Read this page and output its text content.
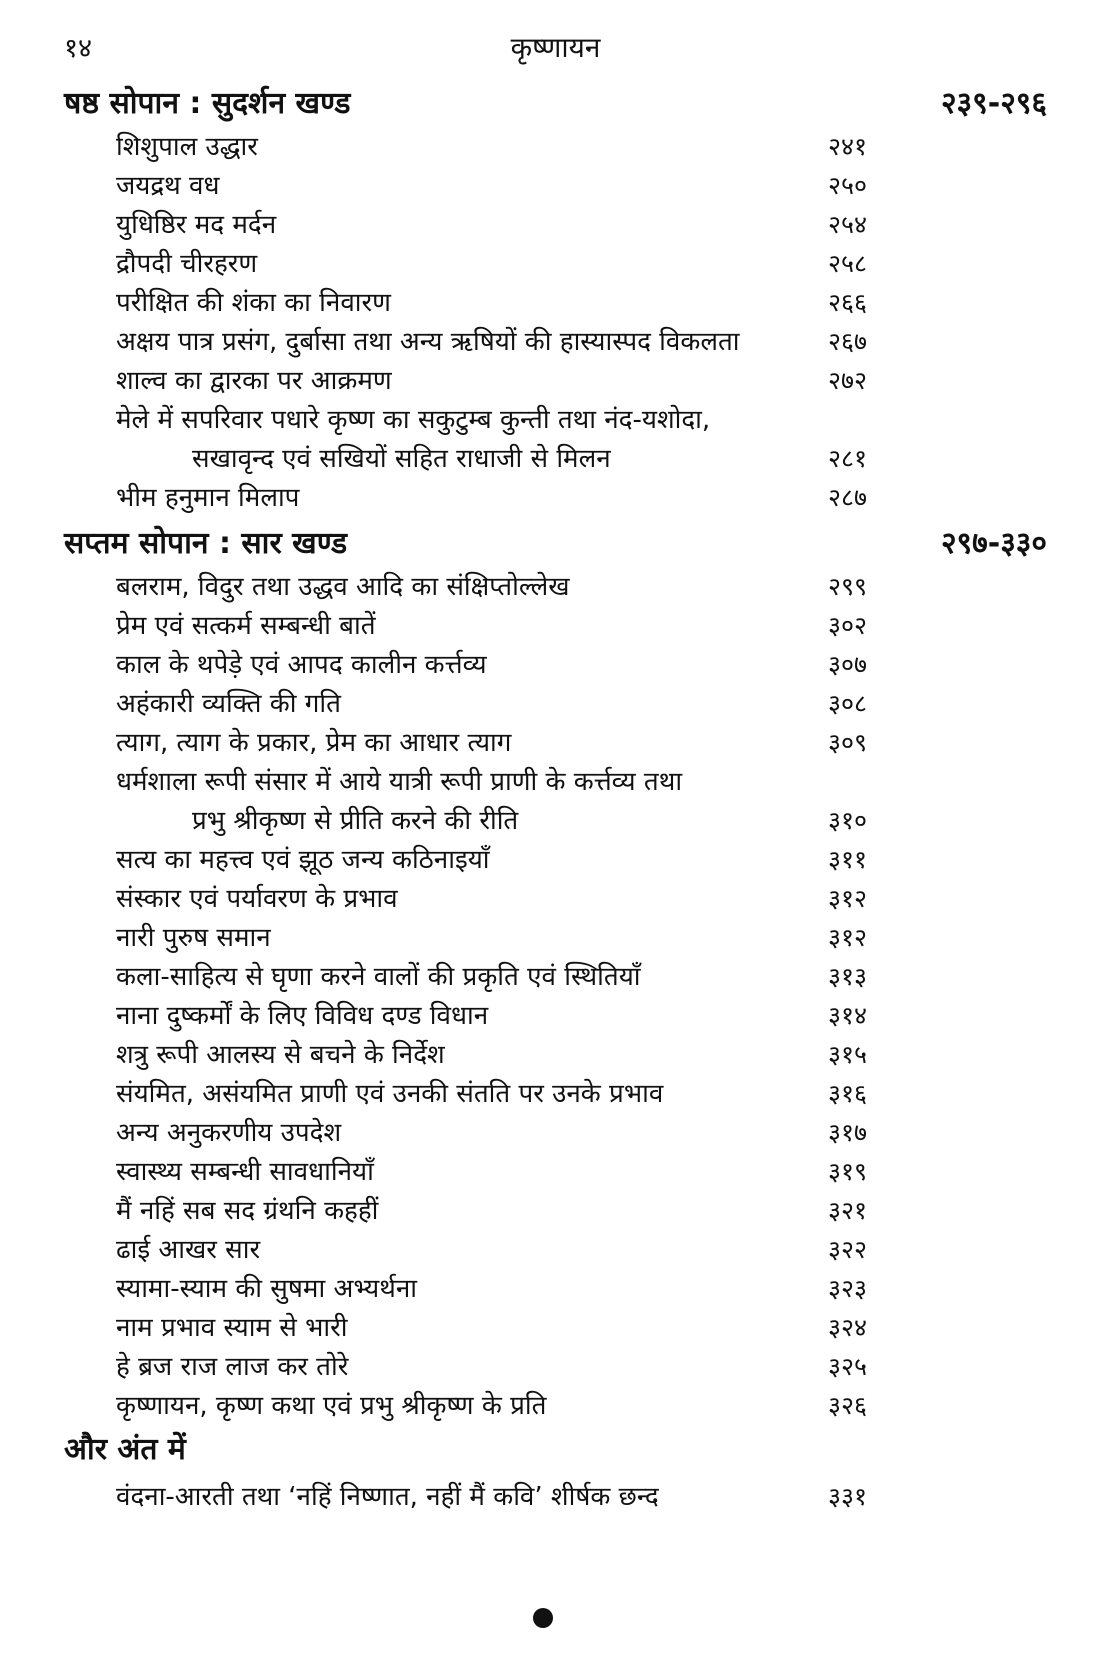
१४	कृष्णायन
षष्ठ सोपान : सुदर्शन खण्ड	२३९-२९६
शिशुपाल उद्धार	२४१
जयद्रथ वध	२५०
युधिष्ठिर मद मर्दन	२५४
द्रौपदी चीरहरण	२५८
परीक्षित की शंका का निवारण	२६६
अक्षय पात्र प्रसंग, दुर्बासा तथा अन्य ऋषियों की हास्यास्पद विकलता	२६७
शाल्व का द्वारका पर आक्रमण	२७२
मेले में सपरिवार पधारे कृष्ण का सकुटुम्ब कुन्ती तथा नंद-यशोदा,
सखावृन्द एवं सखियों सहित राधाजी से मिलन	२८१
भीम हनुमान मिलाप	२८७
सप्तम सोपान : सार खण्ड	२९७-३३०
बलराम, विदुर तथा उद्धव आदि का संक्षिप्तोल्लेख	२९९
प्रेम एवं सत्कर्म सम्बन्धी बातें	३०२
काल के थपेड़े एवं आपद कालीन कर्त्तव्य	३०७
अहंकारी व्यक्ति की गति	३०८
त्याग, त्याग के प्रकार, प्रेम का आधार त्याग	३०९
धर्मशाला रूपी संसार में आये यात्री रूपी प्राणी के कर्त्तव्य तथा
प्रभु श्रीकृष्ण से प्रीति करने की रीति	३१०
सत्य का महत्त्व एवं झूठ जन्य कठिनाइयाँ	३११
संस्कार एवं पर्यावरण के प्रभाव	३१२
नारी पुरुष समान	३१२
कला-साहित्य से घृणा करने वालों की प्रकृति एवं स्थितियाँ	३१३
नाना दुष्कर्मों के लिए विविध दण्ड विधान	३१४
शत्रु रूपी आलस्य से बचने के निर्देश	३१५
संयमित, असंयमित प्राणी एवं उनकी संतति पर उनके प्रभाव	३१६
अन्य अनुकरणीय उपदेश	३१७
स्वास्थ्य सम्बन्धी सावधानियाँ	३१९
मैं नहिं सब सद ग्रंथनि कहहीं	३२१
ढाई आखर सार	३२२
स्यामा-स्याम की सुषमा अभ्यर्थना	३२३
नाम प्रभाव स्याम से भारी	३२४
हे ब्रज राज लाज कर तोरे	३२५
कृष्णायन, कृष्ण कथा एवं प्रभु श्रीकृष्ण के प्रति	३२६
और अंत में
वंदना-आरती तथा ‘नहिं निष्णात, नहीं मैं कवि’ शीर्षक छन्द	३३१
